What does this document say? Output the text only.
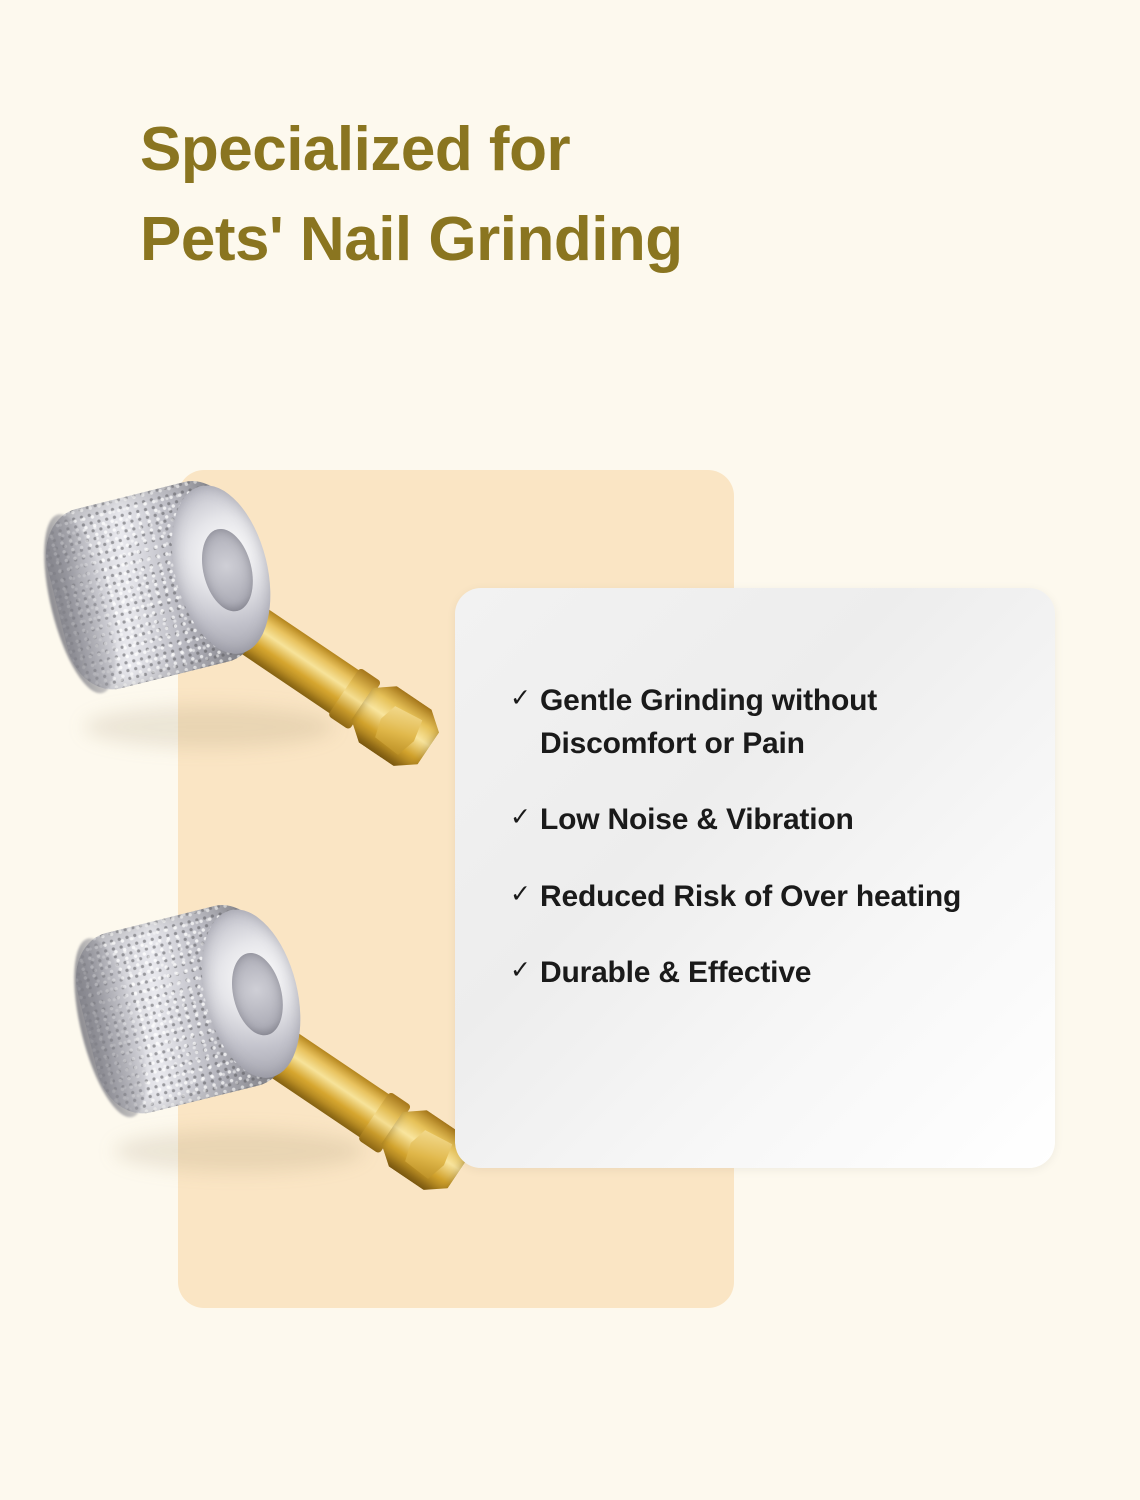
Specialized for
Pets' Nail Grinding
✓ Gentle Grinding without Discomfort or Pain
✓ Low Noise & Vibration
✓ Reduced Risk of Over heating
✓ Durable & Effective
